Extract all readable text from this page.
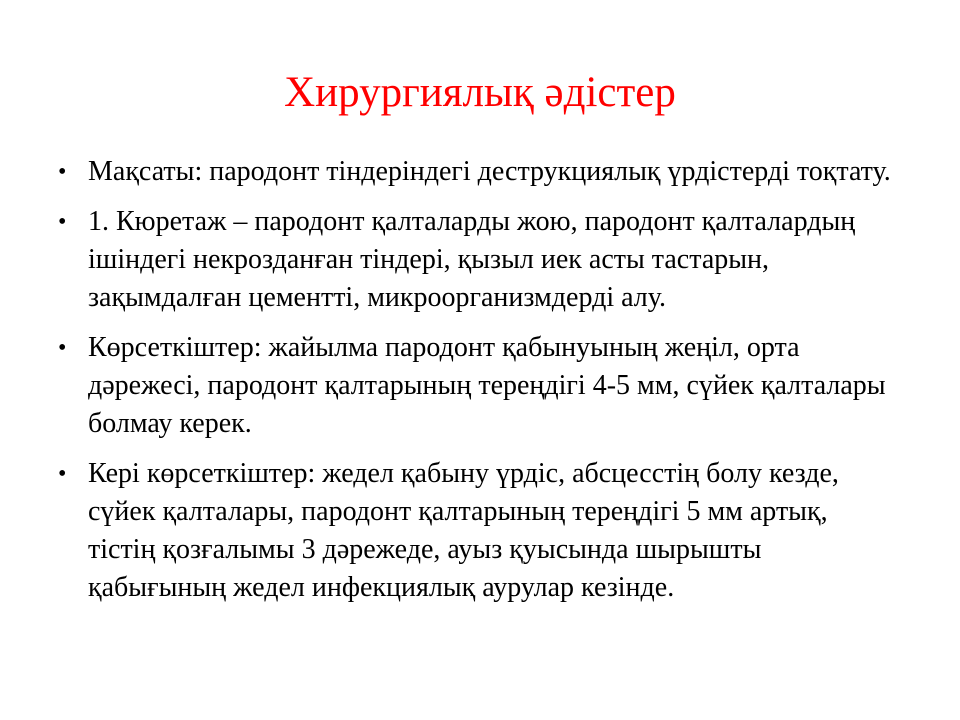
Хирургиялық әдістер
• Мақсаты: пародонт тіндеріндегі деструкциялық үрдістерді тоқтату.
• 1. Кюретаж – пародонт қалталарды жою, пародонт қалталардың ішіндегі некрозданған тіндері, қызыл иек асты тастарын, зақымдалған цементті, микроорганизмдерді алу.
• Көрсеткіштер: жайылма пародонт қабынуының жеңіл, орта дәрежесі, пародонт қалтарының тереңдігі 4-5 мм, сүйек қалталары болмау керек.
• Кері көрсеткіштер: жедел қабыну үрдіс, абсцесстің болу кезде, сүйек қалталары, пародонт қалтарының тереңдігі 5 мм артық, тістің қозғалымы 3 дәрежеде, ауыз қуысында шырышты қабығының жедел инфекциялық аурулар кезінде.
